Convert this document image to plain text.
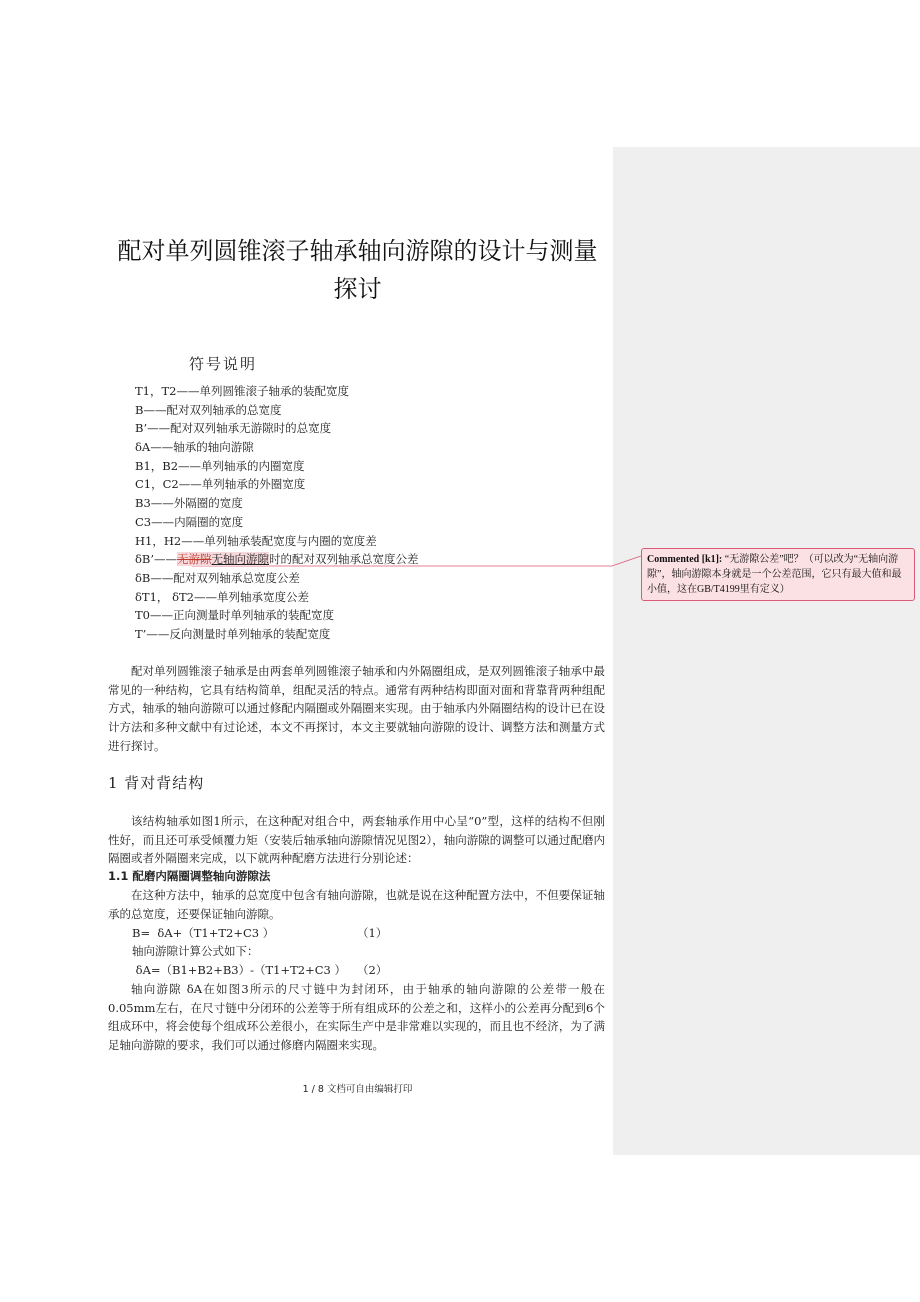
配对单列圆锥滚子轴承轴向游隙的设计与测量
探讨
符号说明
T1，T2——单列圆锥滚子轴承的装配宽度
B——配对双列轴承的总宽度
B’——配对双列轴承无游隙时的总宽度
δA——轴承的轴向游隙
B1，B2——单列轴承的内圈宽度
C1，C2——单列轴承的外圈宽度
B3——外隔圈的宽度
C3——内隔圈的宽度
H1，H2——单列轴承装配宽度与内圈的宽度差
δB’——无游隙无轴向游隙时的配对双列轴承总宽度公差
δB——配对双列轴承总宽度公差
δT1， δT2——单列轴承宽度公差
T0——正向测量时单列轴承的装配宽度
T’——反向测量时单列轴承的装配宽度

配对单列圆锥滚子轴承是由两套单列圆锥滚子轴承和内外隔圈组成，是双列圆锥滚子轴承中最常见的一种结构，它具有结构简单，组配灵活的特点。通常有两种结构即面对面和背靠背两种组配方式，轴承的轴向游隙可以通过修配内隔圈或外隔圈来实现。由于轴承内外隔圈结构的设计已在设计方法和多种文献中有过论述，本文不再探讨，本文主要就轴向游隙的设计、调整方法和测量方式进行探讨。

1 背对背结构

该结构轴承如图1所示，在这种配对组合中，两套轴承作用中心呈“0”型，这样的结构不但刚性好，而且还可承受倾覆力矩（安装后轴承轴向游隙情况见图2），轴向游隙的调整可以通过配磨内隔圈或者外隔圈来完成，以下就两种配磨方法进行分别论述：

1.1 配磨内隔圈调整轴向游隙法

在这种方法中，轴承的总宽度中包含有轴向游隙，也就是说在这种配置方法中，不但要保证轴承的总宽度，还要保证轴向游隙。

B=  δA+（T1+T2+C3 ）	（1）
轴向游隙计算公式如下：
δA=（B1+B2+B3）-（T1+T2+C3 ） （2）

轴向游隙 δA在如图3所示的尺寸链中为封闭环，由于轴承的轴向游隙的公差带一般在0.05mm左右，在尺寸链中分闭环的公差等于所有组成环的公差之和，这样小的公差再分配到6个组成环中，将会使每个组成环公差很小，在实际生产中是非常难以实现的，而且也不经济，为了满足轴向游隙的要求，我们可以通过修磨内隔圈来实现。

1 / 8 文档可自由编辑打印
Commented [k1]: “无游隙公差”吧？（可以改为“无轴向游隙”，轴向游隙本身就是一个公差范围，它只有最大值和最小值，这在GB/T4199里有定义）
